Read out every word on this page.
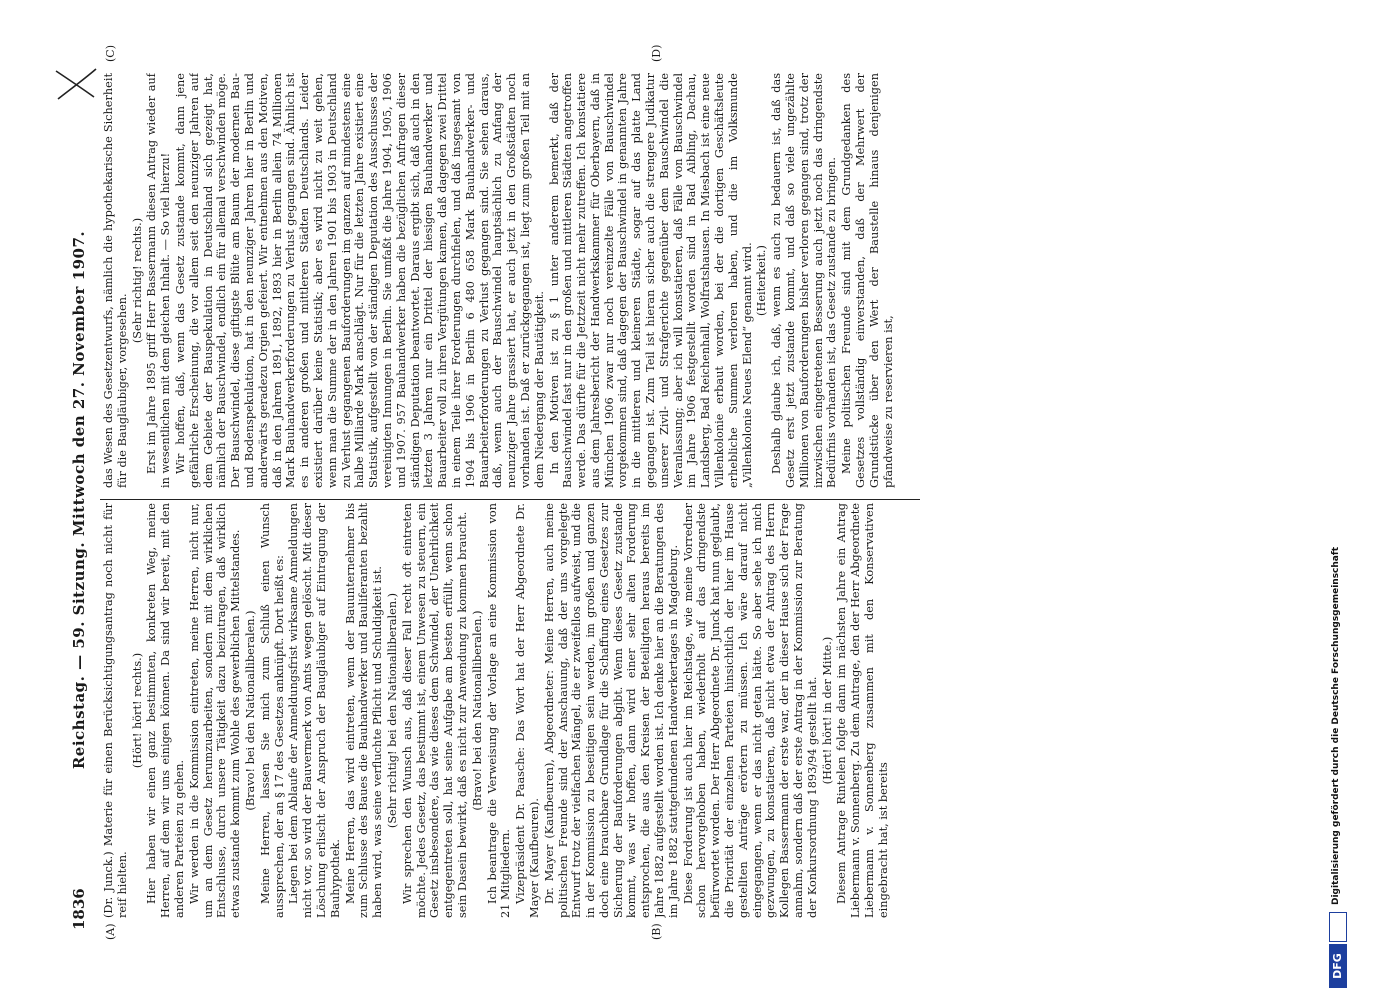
1836
Reichstag. — 59. Sitzung. Mittwoch den 27. November 1907.
(A)	(B)
(C)	(D)

(Dr. Junck.) Materie für einen Berücksichtigungsantrag noch nicht für reif hielten.

(Hört! hört! rechts.) Hier haben wir einen ganz bestimmten, konkreten Weg, meine Herren, auf dem wir uns einigen können. Da sind wir bereit, mit den anderen Parteien zu gehen. Wir werden in die Kommission eintreten, meine Herren, nicht nur, um an dem Gesetz herumzuarbeiten, sondern mit dem wirklichen Entschlusse, durch unsere Tätigkeit dazu beizutragen, daß wirklich etwas zustande kommt zum Wohle des gewerblichen Mittelstandes. (Bravo! bei den Nationalliberalen.) Meine Herren, lassen Sie mich zum Schluß einen Wunsch aussprechen, der an § 17 des Gesetzes anknüpft. Dort heißt es: Liegen bei dem Ablaufe der Anmeldungsfrist wirksame Anmeldungen nicht vor, so wird der Bauvermerk von Amts wegen gelöscht. Mit dieser Löschung erlischt der Anspruch der Baugläubiger auf Eintragung der Bauhypothek. Meine Herren, das wird eintreten, wenn der Bauunternehmer bis zum Schlusse des Baues die Bauhandwerker und Bauliferanten bezahlt haben wird, was seine verfluchte Pflicht und Schuldigkeit ist. (Sehr richtig! bei den Nationalliberalen.) Wir sprechen den Wunsch aus, daß dieser Fall recht oft eintreten möchte. Jedes Gesetz, das bestimmt ist, einem Unwesen zu steuern, ein Gesetz insbesondere, das wie dieses dem Schwindel, der Unehrlichkeit entgegentreten soll, hat seine Aufgabe am besten erfüllt, wenn schon sein Dasein bewirkt, daß es nicht zur Anwendung zu kommen braucht. (Bravo! bei den Nationalliberalen.) Ich beantrage die Verweisung der Vorlage an eine Kommission von 21 Mitgliedern. Vizepräsident Dr. Paasche: Das Wort hat der Herr Abgeordnete Dr. Mayer (Kaufbeuren). Dr. Mayer (Kaufbeuren), Abgeordneter: Meine Herren, auch meine politischen Freunde sind der Anschauung, daß der uns vorgelegte Entwurf trotz der vielfachen Mängel, die er zweifellos aufweist, und die in der Kommission zu beseitigen sein werden, im großen und ganzen doch eine brauchbare Grundlage für die Schaffung eines Gesetzes zur Sicherung der Bauforderungen abgibt. Wenn dieses Gesetz zustande kommt, was wir hoffen, dann wird einer sehr alten Forderung entsprochen, die aus den Kreisen der Beteiligten heraus bereits im Jahre 1882 aufgestellt worden ist. Ich denke hier an die Beratungen des im Jahre 1882 stattgefundenen Handwerkertages in Magdeburg. Diese Forderung ist auch hier im Reichstage, wie meine Vorredner schon hervorgehoben haben, wiederholt auf das dringendste befürwortet worden. Der Herr Abgeordnete Dr. Junck hat nun geglaubt, die Priorität der einzelnen Parteien hinsichtlich der hier im Hause gestellten Anträge erörtern zu müssen. Ich wäre darauf nicht eingegangen, wenn er das nicht getan hätte. So aber sehe ich mich gezwungen, zu konstatieren, daß nicht etwa der Antrag des Herrn Kollegen Bassermann der erste war, der in dieser Hause sich der Frage annahm, sondern daß der erste Antrag in der Kommission zur Beratung der Konkursordnung 1893/94 gestellt hat. (Hört! hört! in der Mitte.) Diesem Antrage Rintelen folgte dann im nächsten Jahre ein Antrag Liebermann v. Sonnenberg. Zu dem Antrage, den der Herr Abgeordnete Liebermann v. Sonnenberg zusammen mit den Konservativen eingebracht hat, ist bereits

das Wesen des Gesetzentwurfs, nämlich die hypothekarische Sicherheit für die Baugläubiger, vorgesehen.

(Sehr richtig! rechts.) Erst im Jahre 1895 griff Herr Bassermann diesen Antrag wieder auf in wesentlichen mit dem gleichen Inhalt. — So viel hierzu! Wir hoffen, daß, wenn das Gesetz zustande kommt, dann jene gefährliche Erscheinung, die vor allem seit den neunziger Jahren auf dem Gebiete der Bauspekulation in Deutschland sich gezeigt hat, nämlich der Bauschwindel, endlich ein für allemal verschwinden möge. Der Bauschwindel, diese giftigste Blüte am Baum der modernen Bau- und Bodenspekulation, hat in den neunziger Jahren hier in Berlin und anderwärts geradezu Orgien gefeiert. Wir entnehmen aus den Motiven, daß in den Jahren 1891, 1892, 1893 hier in Berlin allein 74 Millionen Mark Bauhandwerkerforderungen zu Verlust gegangen sind. Ähnlich ist es in anderen großen und mittleren Städten Deutschlands. Leider existiert darüber keine Statistik; aber es wird nicht zu weit gehen, wenn man die Summe der in den Jahren 1901 bis 1903 in Deutschland zu Verlust gegangenen Bauforderungen im ganzen auf mindestens eine halbe Milliarde Mark anschlägt. Nur für die letzten Jahre existiert eine Statistik, aufgestellt von der ständigen Deputation des Ausschusses der vereinigten Innungen in Berlin. Sie umfaßt die Jahre 1904, 1905, 1906 und 1907. 957 Bauhandwerker haben die bezüglichen Anfragen dieser ständigen Deputation beantwortet. Daraus ergibt sich, daß auch in den letzten 3 Jahren nur ein Drittel der hiesigen Bauhandwerker und Bauarbeiter voll zu ihren Vergütungen kamen, daß dagegen zwei Drittel in einem Teile ihrer Forderungen durchfielen, und daß insgesamt von 1904 bis 1906 in Berlin 6 480 658 Mark Bauhandwerker- und Bauarbeiterforderungen zu Verlust gegangen sind. Sie sehen daraus, daß, wenn auch der Bauschwindel hauptsächlich zu Anfang der neunziger Jahre grassiert hat, er auch jetzt in den Großstädten noch vorhanden ist. Daß er zurückgegangen ist, liegt zum großen Teil mit an dem Niedergang der Bautätigkeit. In den Motiven ist zu § 1 unter anderem bemerkt, daß der Bauschwindel fast nur in den großen und mittleren Städten angetroffen werde. Das dürfte für die Jetztzeit nicht mehr zutreffen. Ich konstatiere aus dem Jahresbericht der Handwerkskammer für Oberbayern, daß in München 1906 zwar nur noch vereinzelte Fälle von Bauschwindel vorgekommen sind, daß dagegen der Bauschwindel in genannten Jahre in die mittleren und kleineren Städte, sogar auf das platte Land gegangen ist. Zum Teil ist hieran sicher auch die strengere Judikatur unserer Zivil- und Strafgerichte gegenüber dem Bauschwindel die Veranlassung; aber ich will konstatieren, daß Fälle von Bauschwindel im Jahre 1906 festgestellt worden sind in Bad Aibling, Dachau, Landsberg, Bad Reichenhall, Wolfratshausen. In Miesbach ist eine neue Villenkolonie erbaut worden, bei der die dortigen Geschäftsleute erhebliche Summen verloren haben, und die im Volksmunde „Villenkolonie Neues Elend“ genannt wird. (Heiterkeit.) Deshalb glaube ich, daß, wenn es auch zu bedauern ist, daß das Gesetz erst jetzt zustande kommt, und daß so viele ungezählte Millionen von Bauforderungen bisher verloren gegangen sind, trotz der inzwischen eingetretenen Besserung auch jetzt noch das dringendste Bedürfnis vorhanden ist, das Gesetz zustande zu bringen. Meine politischen Freunde sind mit dem Grundgedanken des Gesetzes vollständig einverstanden, daß der Mehrwert der Grundstücke über den Wert der Baustelle hinaus denjenigen pfandweise zu reservieren ist,

DFG
Digitalisierung gefördert durch die Deutsche Forschungsgemeinschaft
